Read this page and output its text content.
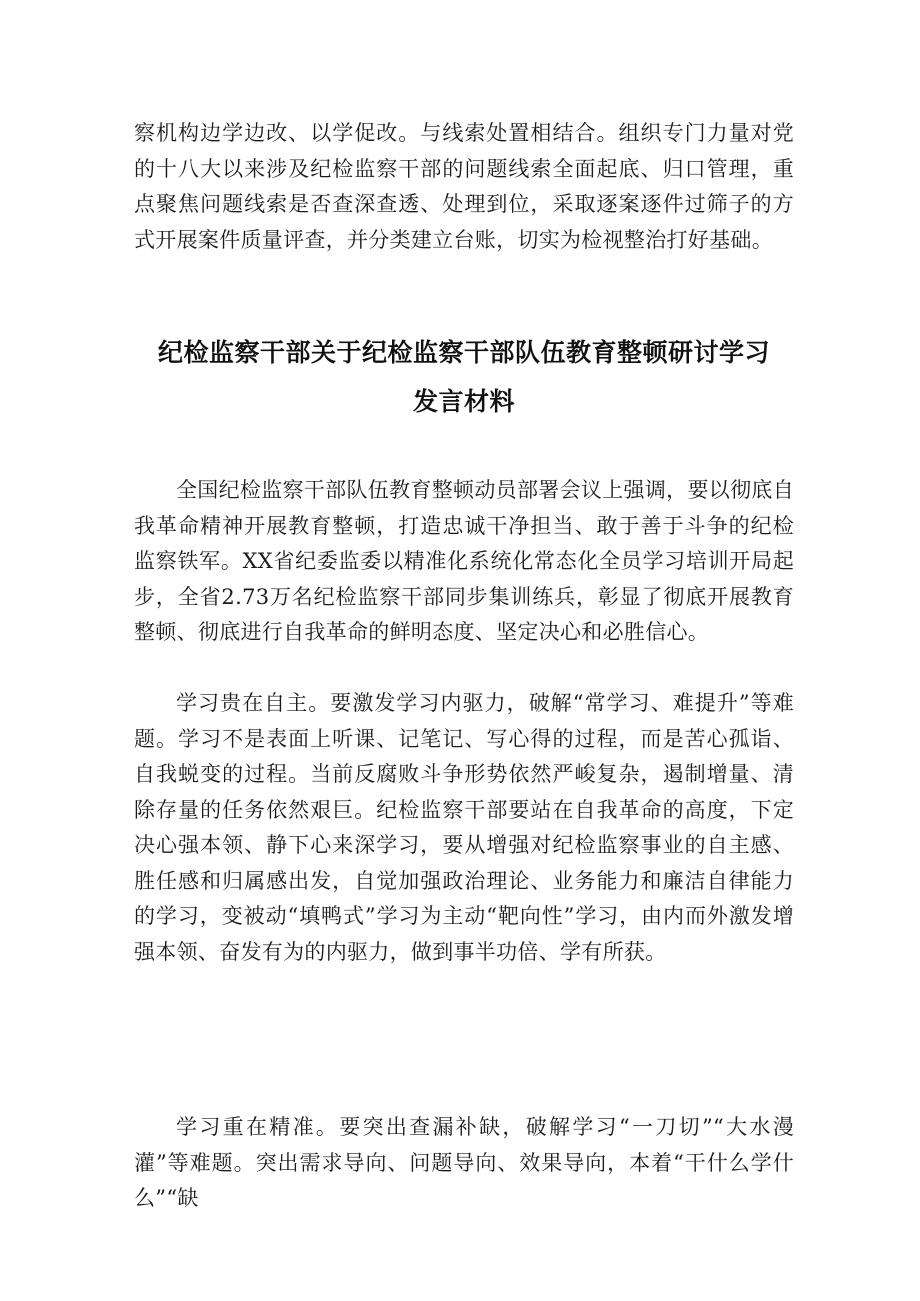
察机构边学边改、以学促改。与线索处置相结合。组织专门力量对党的十八大以来涉及纪检监察干部的问题线索全面起底、归口管理，重点聚焦问题线索是否查深查透、处理到位，采取逐案逐件过筛子的方式开展案件质量评查，并分类建立台账，切实为检视整治打好基础。

纪检监察干部关于纪检监察干部队伍教育整顿研讨学习
发言材料

全国纪检监察干部队伍教育整顿动员部署会议上强调，要以彻底自我革命精神开展教育整顿，打造忠诚干净担当、敢于善于斗争的纪检监察铁军。XX省纪委监委以精准化系统化常态化全员学习培训开局起步，全省2.73万名纪检监察干部同步集训练兵，彰显了彻底开展教育整顿、彻底进行自我革命的鲜明态度、坚定决心和必胜信心。

学习贵在自主。要激发学习内驱力，破解“常学习、难提升”等难题。学习不是表面上听课、记笔记、写心得的过程，而是苦心孤诣、自我蜕变的过程。当前反腐败斗争形势依然严峻复杂，遏制增量、清除存量的任务依然艰巨。纪检监察干部要站在自我革命的高度，下定决心强本领、静下心来深学习，要从增强对纪检监察事业的自主感、胜任感和归属感出发，自觉加强政治理论、业务能力和廉洁自律能力的学习，变被动“填鸭式”学习为主动“靶向性”学习，由内而外激发增强本领、奋发有为的内驱力，做到事半功倍、学有所获。

学习重在精准。要突出查漏补缺，破解学习“一刀切”“大水漫灌”等难题。突出需求导向、问题导向、效果导向，本着“干什么学什么”“缺
